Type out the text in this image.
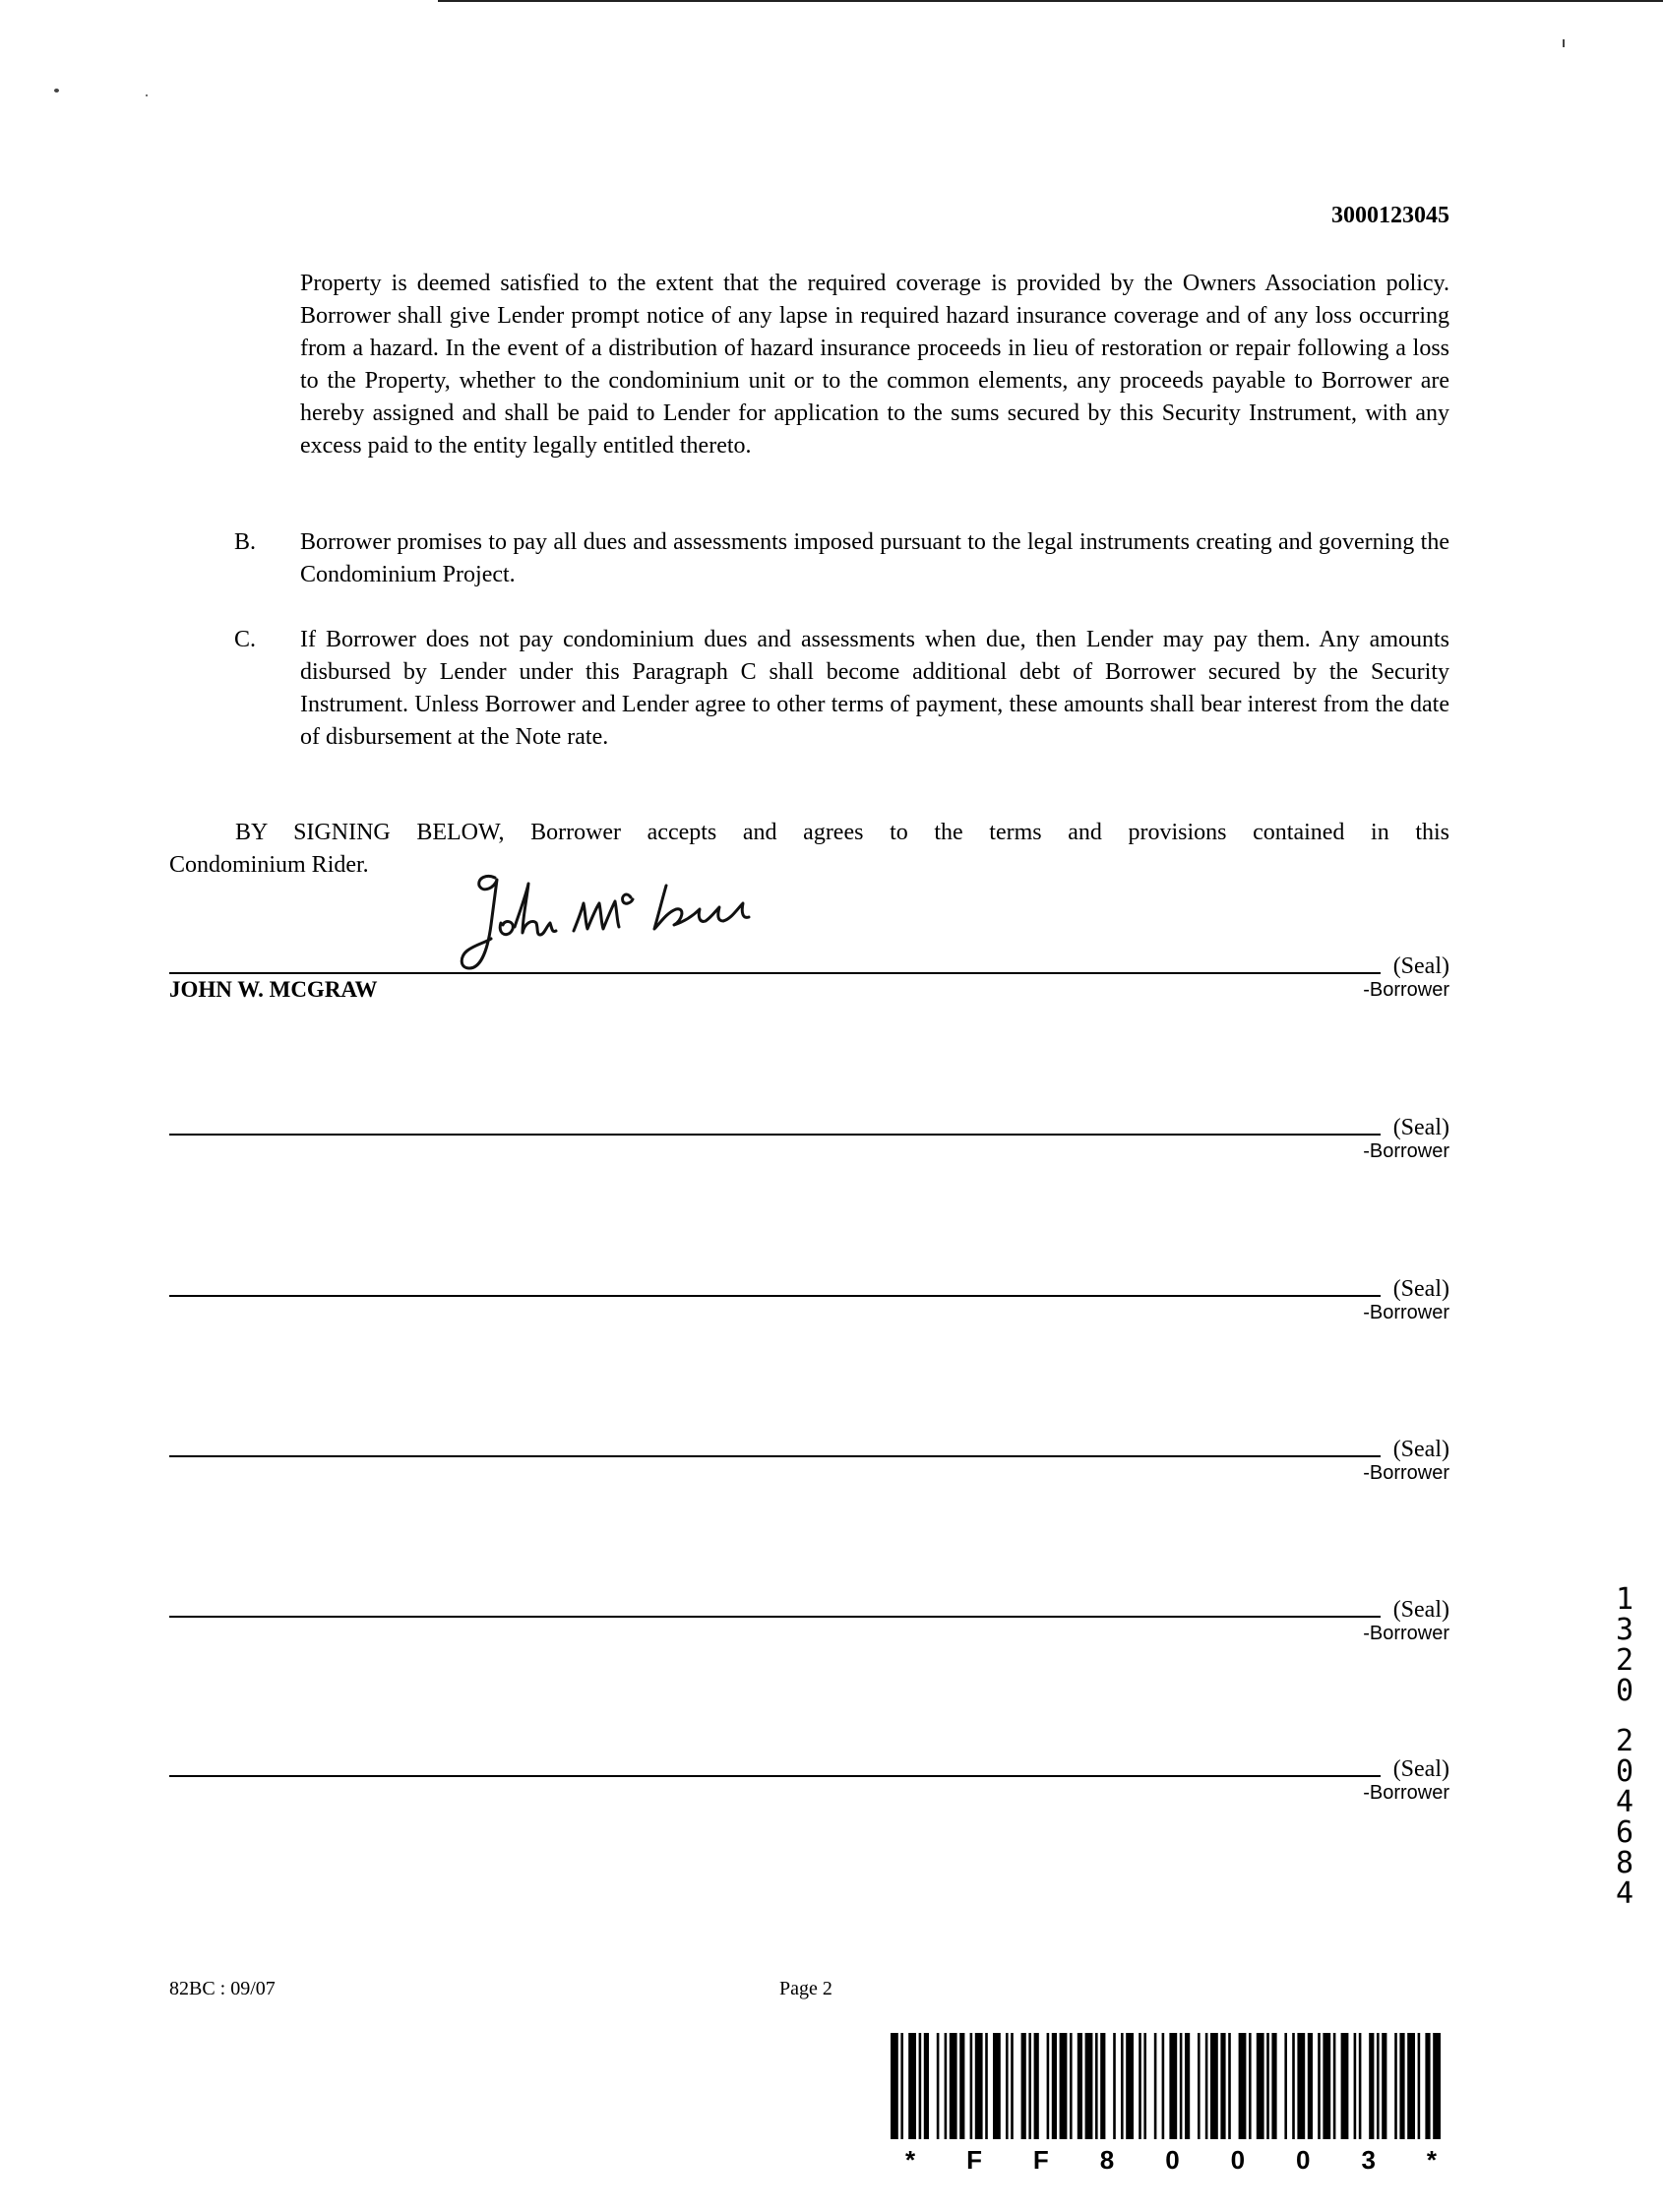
3000123045
Property is deemed satisfied to the extent that the required coverage is provided by the Owners Association policy. Borrower shall give Lender prompt notice of any lapse in required hazard insurance coverage and of any loss occurring from a hazard. In the event of a distribution of hazard insurance proceeds in lieu of restoration or repair following a loss to the Property, whether to the condominium unit or to the common elements, any proceeds payable to Borrower are hereby assigned and shall be paid to Lender for application to the sums secured by this Security Instrument, with any excess paid to the entity legally entitled thereto.
B. Borrower promises to pay all dues and assessments imposed pursuant to the legal instruments creating and governing the Condominium Project.
C. If Borrower does not pay condominium dues and assessments when due, then Lender may pay them. Any amounts disbursed by Lender under this Paragraph C shall become additional debt of Borrower secured by the Security Instrument. Unless Borrower and Lender agree to other terms of payment, these amounts shall bear interest from the date of disbursement at the Note rate.
BY SIGNING BELOW, Borrower accepts and agrees to the terms and provisions contained in this
Condominium Rider.
(Seal)
JOHN W. MCGRAW	-Borrower
(Seal)
-Borrower
(Seal)
-Borrower
(Seal)
-Borrower
(Seal)
-Borrower
(Seal)
-Borrower
1
3
2
0
2
0
4
6
8
4
82BC : 09/07	Page 2
* F F 8 0 0 0 3 *
